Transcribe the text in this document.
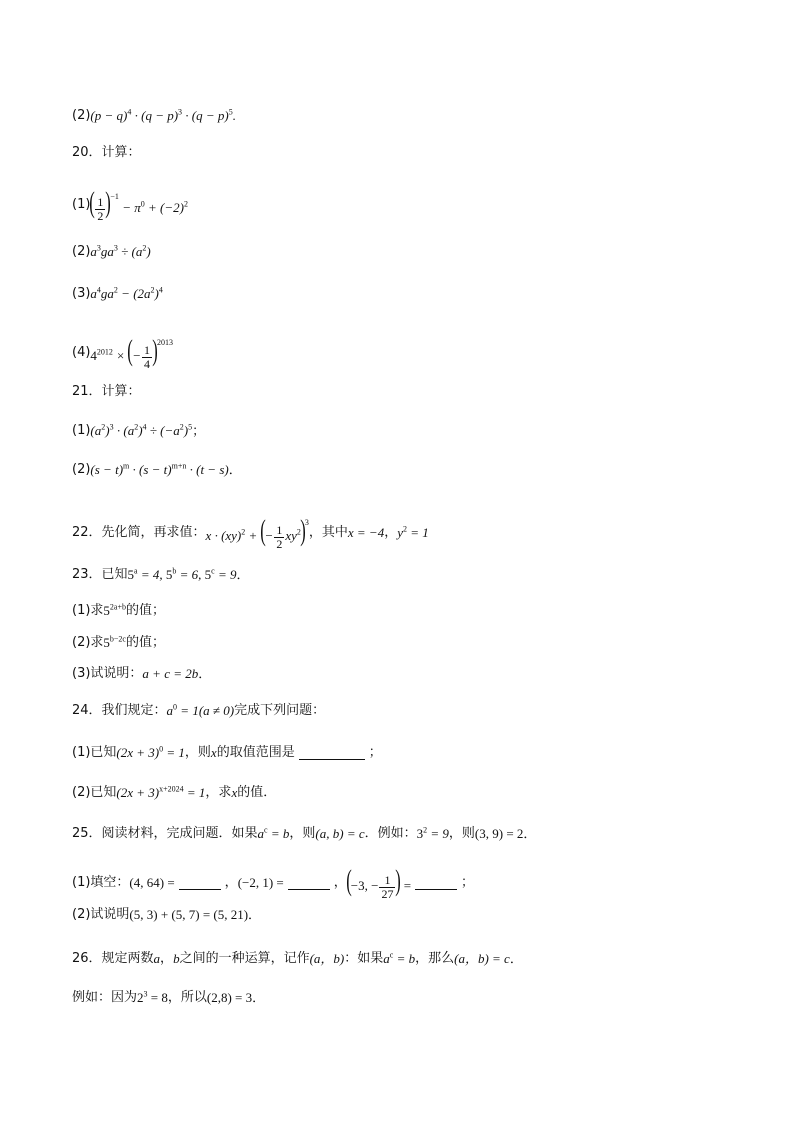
(2) $(p - q)^4 \cdot (q - p)^3 \cdot (q - p)^5$.
20．计算：
(1) ( $\frac{1}{2} )^{-1} - \pi^0 + (-2)^2$
(2) $a^3ga^3 \div (a^2)$
(3) $a^4ga^2 - (2a^2)^4$
(4) $4^{2012}$ × (− $\frac{1}{4} )^{2013}$
21．计算：
(1) $(a^2)^3 \cdot (a^2)^4 \div (-a^2)^5$；
(2) $(s - t)^m \cdot (s - t)^{m+n} \cdot (t - s)$．
22．先化简，再求值： x · (xy)$^2$ + (− $\frac{1}{2} xy^2)^3$
，其中 x = −4 ， $y^2 = 1$
23．已知 $5^a = 4$, $5^b = 6$, $5^c = 9$．
(1)求 $5^{2a+b}$ 的值；
(2)求 $5^{b-2c}$ 的值；
(3)试说明： a + c = 2b．
24．我们规定： $a^0 = 1(a \ne 0)$ 完成下列问题：
(1)已知 $(2x + 3)^0 = 1$ ，则 x 的取值范围是	；
(2)已知 $(2x + 3)^{x+2024} = 1$ ，求 x 的值．
25．阅读材料，完成问题．如果 $a^c = b$ ，则 (a, b) = c ．例如： $3^2 = 9$ ，则 (3, 9) = 2．
(1)填空： (4, 64) =	， (−2, 1) =	， (−3, − $\frac{1}{27}$ ) =	；
(2)试说明 (5, 3) + (5, 7) = (5, 21)．
26．规定两数 a ， b 之间的一种运算，记作 (a，b) ：如果 $a^c = b$ ，那么 (a，b) = c．
例如：因为 $2^3 = 8$ ，所以 (2,8) = 3．
